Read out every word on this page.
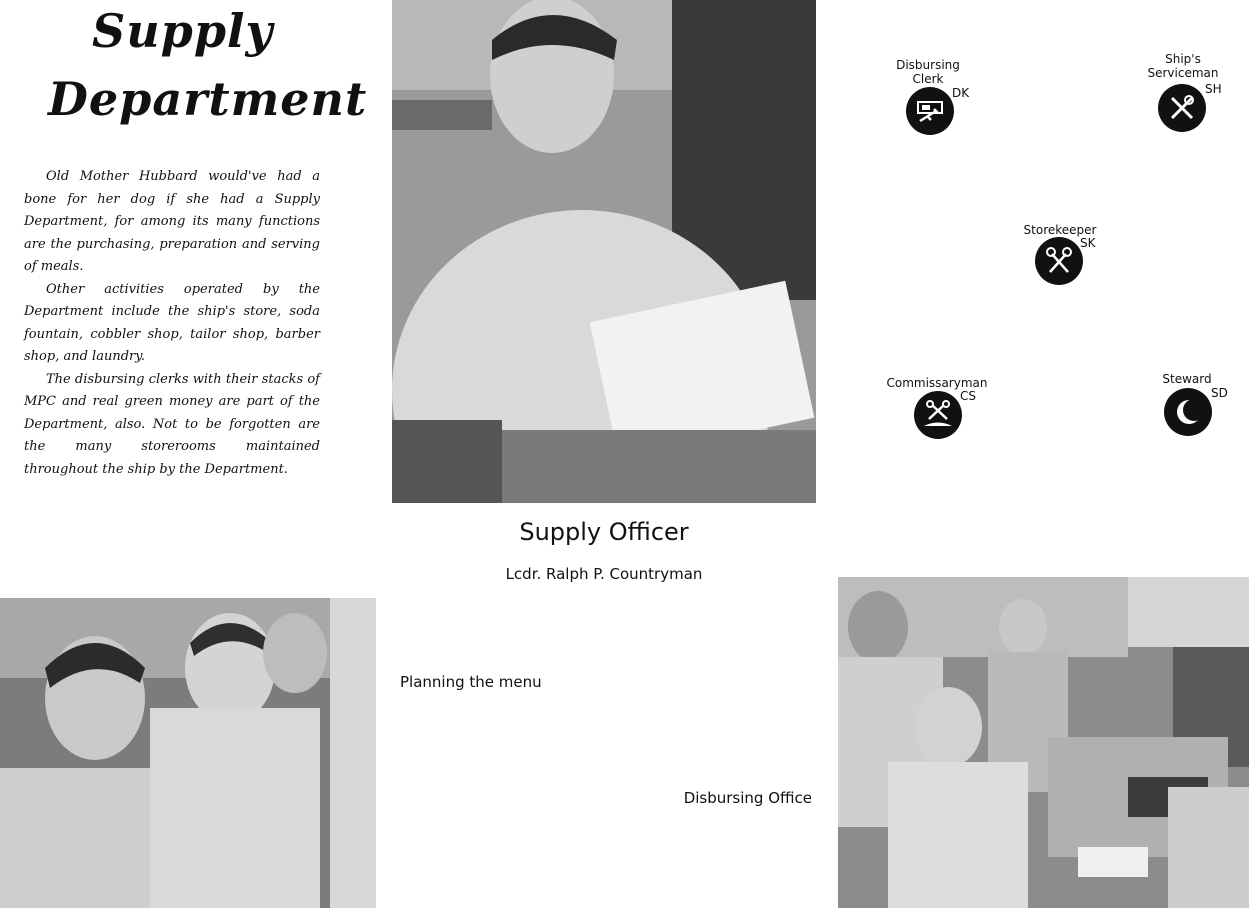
Supply
Department

Old Mother Hubbard would've had a bone for her dog if she had a Supply Department, for among its many functions are the purchasing, preparation and serving of meals.

Other activities operated by the Department include the ship's store, soda fountain, cobbler shop, tailor shop, barber shop, and laundry.

The disbursing clerks with their stacks of MPC and real green money are part of the Department, also. Not to be forgotten are the many storerooms maintained throughout the ship by the Department.

Supply Officer
Lcdr. Ralph P. Countryman
Planning the menu
Disbursing Office
Disbursing Clerk
DK
Ship's Serviceman
SH
Storekeeper
SK
Commissaryman
CS
Steward
SD
